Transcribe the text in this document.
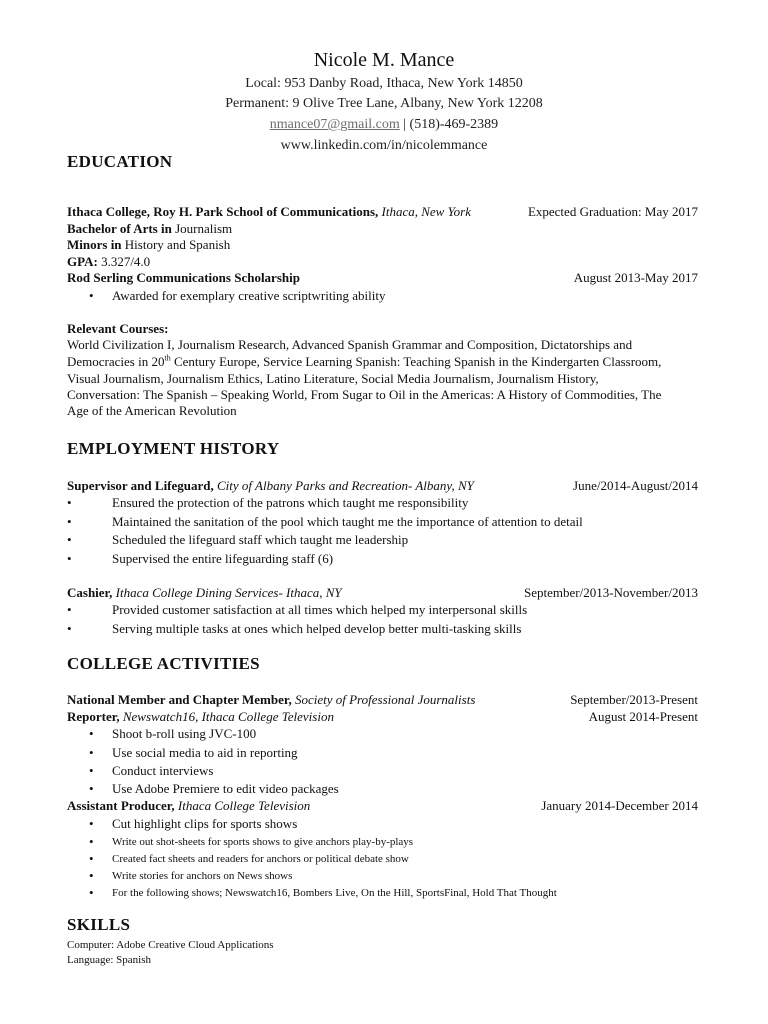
Nicole M. Mance
Local: 953 Danby Road, Ithaca, New York 14850
Permanent: 9 Olive Tree Lane, Albany, New York 12208
nmance07@gmail.com | (518)-469-2389
www.linkedin.com/in/nicolemmance
EDUCATION
Ithaca College, Roy H. Park School of Communications, Ithaca, New York	Expected Graduation: May 2017
Bachelor of Arts in Journalism
Minors in History and Spanish
GPA: 3.327/4.0
Rod Serling Communications Scholarship	August 2013-May 2017
• Awarded for exemplary creative scriptwriting ability
Relevant Courses:
World Civilization I, Journalism Research, Advanced Spanish Grammar and Composition, Dictatorships and
Democracies in 20th Century Europe, Service Learning Spanish: Teaching Spanish in the Kindergarten Classroom,
Visual Journalism, Journalism Ethics, Latino Literature, Social Media Journalism, Journalism History,
Conversation: The Spanish – Speaking World, From Sugar to Oil in the Americas: A History of Commodities, The
Age of the American Revolution
EMPLOYMENT HISTORY
Supervisor and Lifeguard, City of Albany Parks and Recreation- Albany, NY	June/2014-August/2014
•	Ensured the protection of the patrons which taught me responsibility
•	Maintained the sanitation of the pool which taught me the importance of attention to detail
•	Scheduled the lifeguard staff which taught me leadership
•	Supervised the entire lifeguarding staff (6)
Cashier, Ithaca College Dining Services- Ithaca, NY	September/2013-November/2013
•	Provided customer satisfaction at all times which helped my interpersonal skills
•	Serving multiple tasks at ones which helped develop better multi-tasking skills
COLLEGE ACTIVITIES
National Member and Chapter Member, Society of Professional Journalists	September/2013-Present
Reporter, Newswatch16, Ithaca College Television	August 2014-Present
• Shoot b-roll using JVC-100
• Use social media to aid in reporting
• Conduct interviews
• Use Adobe Premiere to edit video packages
Assistant Producer, Ithaca College Television	January 2014-December 2014
• Cut highlight clips for sports shows
• Write out shot-sheets for sports shows to give anchors play-by-plays
• Created fact sheets and readers for anchors or political debate show
• Write stories for anchors on News shows
• For the following shows; Newswatch16, Bombers Live, On the Hill, SportsFinal, Hold That Thought
SKILLS
Computer: Adobe Creative Cloud Applications
Language: Spanish
